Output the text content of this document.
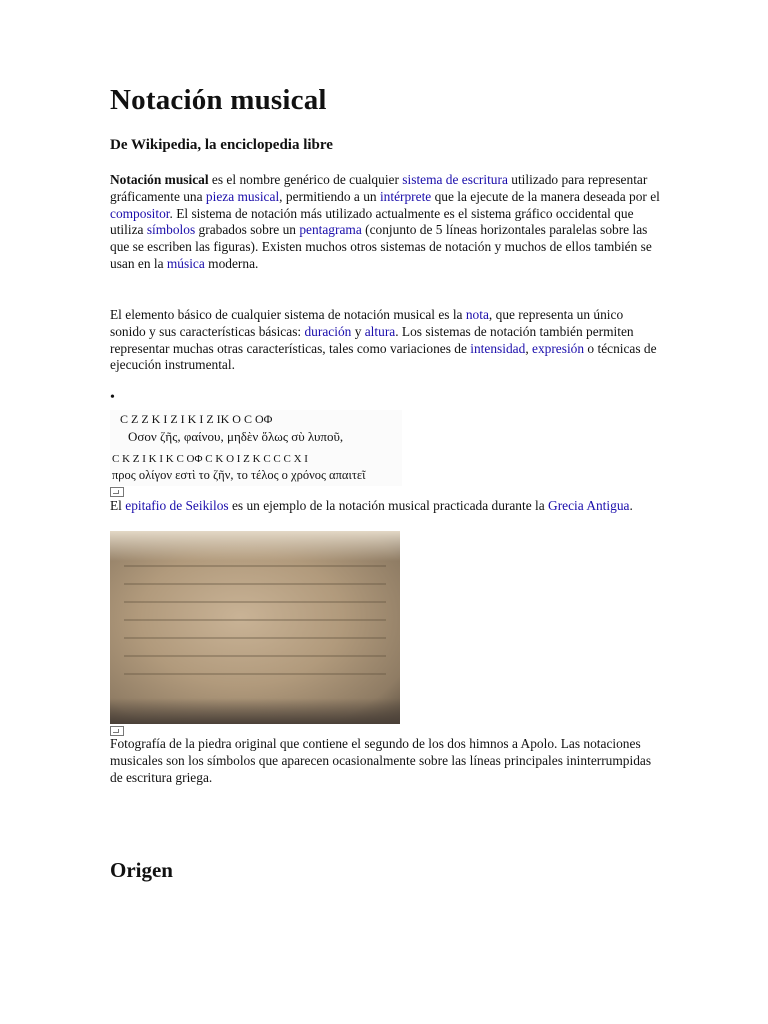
Notación musical

De Wikipedia, la enciclopedia libre

Notación musical es el nombre genérico de cualquier sistema de escritura utilizado para representar gráficamente una pieza musical, permitiendo a un intérprete que la ejecute de la manera deseada por el compositor. El sistema de notación más utilizado actualmente es el sistema gráfico occidental que utiliza símbolos grabados sobre un pentagrama (conjunto de 5 líneas horizontales paralelas sobre las que se escriben las figuras). Existen muchos otros sistemas de notación y muchos de ellos también se usan en la música moderna.

El elemento básico de cualquier sistema de notación musical es la nota, que representa un único sonido y sus características básicas: duración y altura. Los sistemas de notación también permiten representar muchas otras características, tales como variaciones de intensidad, expresión o técnicas de ejecución instrumental.

•
C Z Z K I Z I K I Z IK O C OΦ
Οσον ζῆς, φαίνου, μηδὲν ὅλως σὺ λυποῦ,
C K Z I K I K C OΦ C K O I Z K C C C X I
προς ολίγον εστὶ το ζῆν, το τέλος ο χρόνος απαιτεῖ

El epitafio de Seikilos es un ejemplo de la notación musical practicada durante la Grecia Antigua.

Fotografía de la piedra original que contiene el segundo de los dos himnos a Apolo. Las notaciones musicales son los símbolos que aparecen ocasionalmente sobre las líneas principales ininterrumpidas de escritura griega.

Origen
